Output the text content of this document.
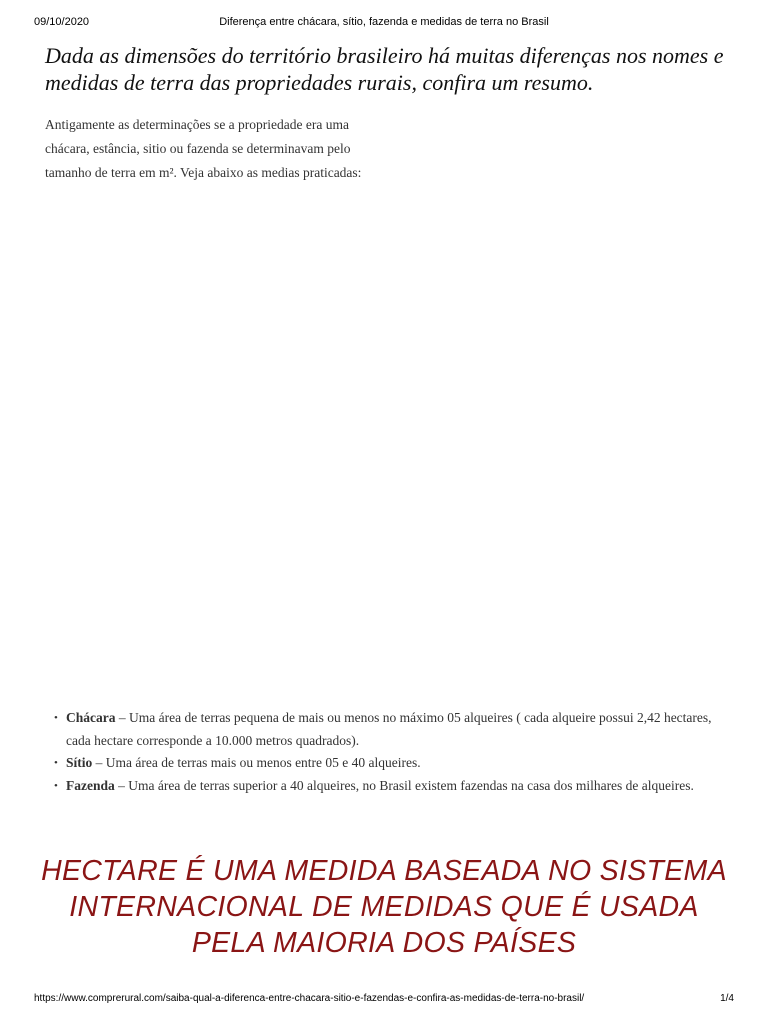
09/10/2020	Diferença entre chácara, sítio, fazenda e medidas de terra no Brasil
Dada as dimensões do território brasileiro há muitas diferenças nos nomes e medidas de terra das propriedades rurais, confira um resumo.
Antigamente as determinações se a propriedade era uma chácara, estância, sitio ou fazenda se determinavam pelo tamanho de terra em m². Veja abaixo as medias praticadas:
• Chácara – Uma área de terras pequena de mais ou menos no máximo 05 alqueires ( cada alqueire possui 2,42 hectares, cada hectare corresponde a 10.000 metros quadrados).
• Sítio – Uma área de terras mais ou menos entre 05 e 40 alqueires.
• Fazenda – Uma área de terras superior a 40 alqueires, no Brasil existem fazendas na casa dos milhares de alqueires.
HECTARE É UMA MEDIDA BASEADA NO SISTEMA INTERNACIONAL DE MEDIDAS QUE É USADA PELA MAIORIA DOS PAÍSES
https://www.comprerural.com/saiba-qual-a-diferenca-entre-chacara-sitio-e-fazendas-e-confira-as-medidas-de-terra-no-brasil/	1/4
